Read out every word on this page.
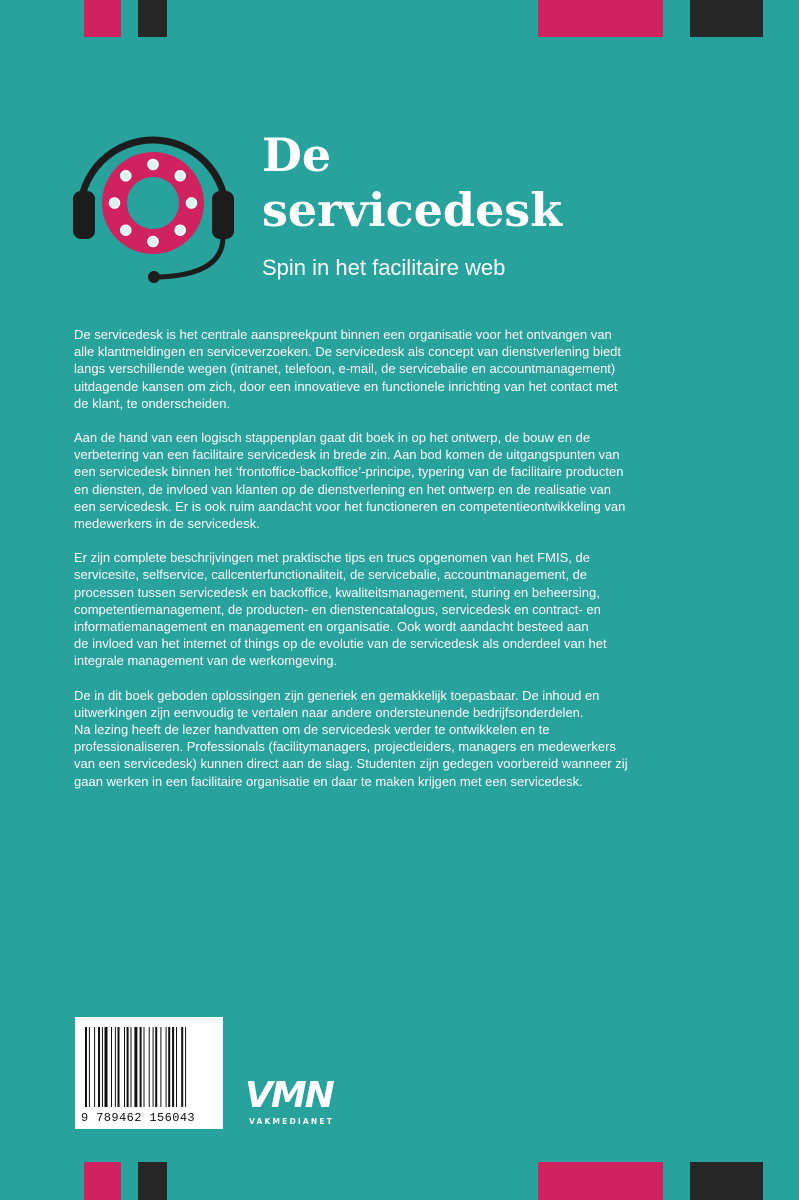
De
servicedesk

Spin in het facilitaire web

De servicedesk is het centrale aanspreekpunt binnen een organisatie voor het ontvangen van
alle klantmeldingen en serviceverzoeken. De servicedesk als concept van dienstverlening biedt
langs verschillende wegen (intranet, telefoon, e-mail, de servicebalie en accountmanagement)
uitdagende kansen om zich, door een innovatieve en functionele inrichting van het contact met
de klant, te onderscheiden.

Aan de hand van een logisch stappenplan gaat dit boek in op het ontwerp, de bouw en de
verbetering van een facilitaire servicedesk in brede zin. Aan bod komen de uitgangspunten van
een servicedesk binnen het ‘frontoffice-backoffice’-principe, typering van de facilitaire producten
en diensten, de invloed van klanten op de dienstverlening en het ontwerp en de realisatie van
een servicedesk. Er is ook ruim aandacht voor het functioneren en competentieontwikkeling van
medewerkers in de servicedesk.

Er zijn complete beschrijvingen met praktische tips en trucs opgenomen van het FMIS, de
servicesite, selfservice, callcenterfunctionaliteit, de servicebalie, accountmanagement, de
processen tussen servicedesk en backoffice, kwaliteitsmanagement, sturing en beheersing,
competentiemanagement, de producten- en dienstencatalogus, servicedesk en contract- en
informatiemanagement en management en organisatie. Ook wordt aandacht besteed aan
de invloed van het internet of things op de evolutie van de servicedesk als onderdeel van het
integrale management van de werkomgeving.

De in dit boek geboden oplossingen zijn generiek en gemakkelijk toepasbaar. De inhoud en
uitwerkingen zijn eenvoudig te vertalen naar andere ondersteunende bedrijfsonderdelen.
Na lezing heeft de lezer handvatten om de servicedesk verder te ontwikkelen en te
professionaliseren. Professionals (facilitymanagers, projectleiders, managers en medewerkers
van een servicedesk) kunnen direct aan de slag. Studenten zijn gedegen voorbereid wanneer zij
gaan werken in een facilitaire organisatie en daar te maken krijgen met een servicedesk.

9 789462 156043
VMN
VAKMEDIANET
